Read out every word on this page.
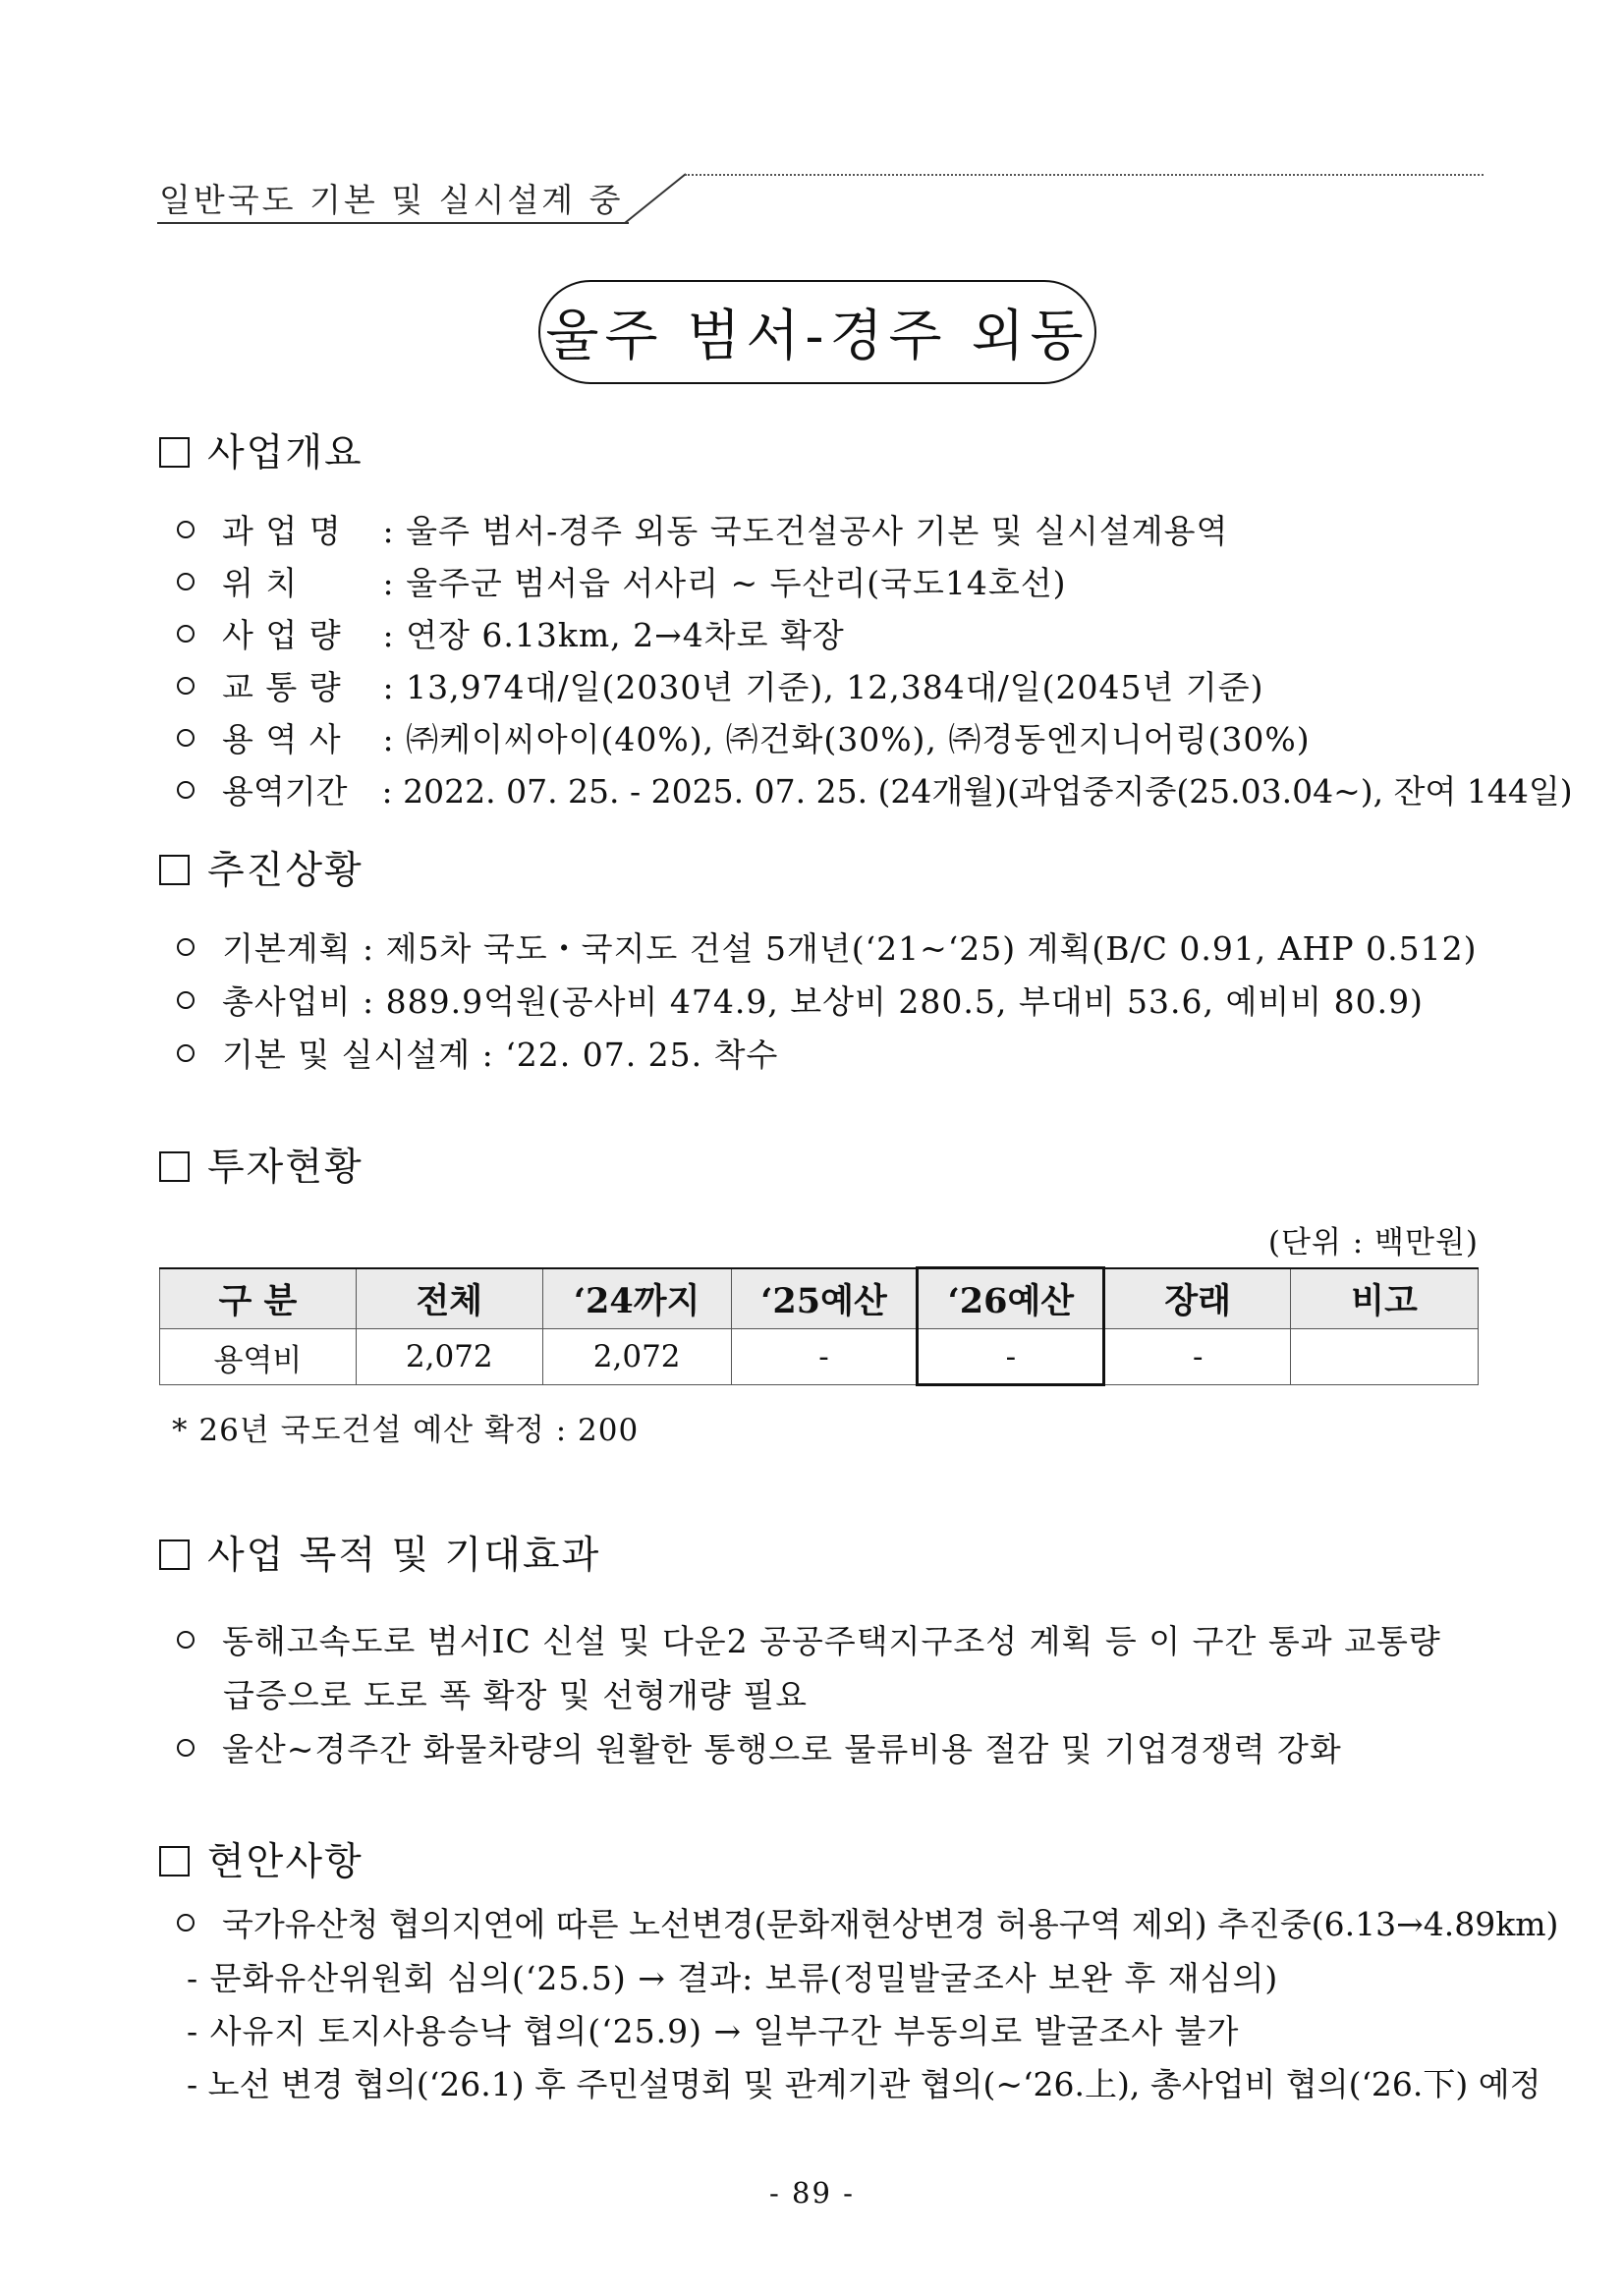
일반국도 기본 및 실시설계 중
울주 범서-경주 외동
사업개요
과 업 명 : 울주 범서-경주 외동 국도건설공사 기본 및 실시설계용역
위 치 : 울주군 범서읍 서사리 ~ 두산리(국도14호선)
사 업 량 : 연장 6.13km, 2→4차로 확장
교 통 량 : 13,974대/일(2030년 기준), 12,384대/일(2045년 기준)
용 역 사 : ㈜케이씨아이(40%), ㈜건화(30%), ㈜경동엔지니어링(30%)
용역기간 : 2022. 07. 25. - 2025. 07. 25. (24개월)(과업중지중(25.03.04~), 잔여 144일)
추진상황
기본계획 : 제5차 국도・국지도 건설 5개년(‘21~‘25) 계획(B/C 0.91, AHP 0.512)
총사업비 : 889.9억원(공사비 474.9, 보상비 280.5, 부대비 53.6, 예비비 80.9)
기본 및 실시설계 : ‘22. 07. 25. 착수
투자현황
(단위 : 백만원)
구 분	전체	‘24까지	‘25예산	‘26예산	장래	비고
용역비	2,072	2,072	-	-	-	
* 26년 국도건설 예산 확정 : 200
사업 목적 및 기대효과
동해고속도로 범서IC 신설 및 다운2 공공주택지구조성 계획 등 이 구간 통과 교통량
급증으로 도로 폭 확장 및 선형개량 필요
울산~경주간 화물차량의 원활한 통행으로 물류비용 절감 및 기업경쟁력 강화
현안사항
국가유산청 협의지연에 따른 노선변경(문화재현상변경 허용구역 제외) 추진중(6.13→4.89km)
- 문화유산위원회 심의(‘25.5) → 결과: 보류(정밀발굴조사 보완 후 재심의)
- 사유지 토지사용승낙 협의(‘25.9) → 일부구간 부동의로 발굴조사 불가
- 노선 변경 협의(‘26.1) 후 주민설명회 및 관계기관 협의(~‘26.上), 총사업비 협의(‘26.下) 예정
- 89 -
